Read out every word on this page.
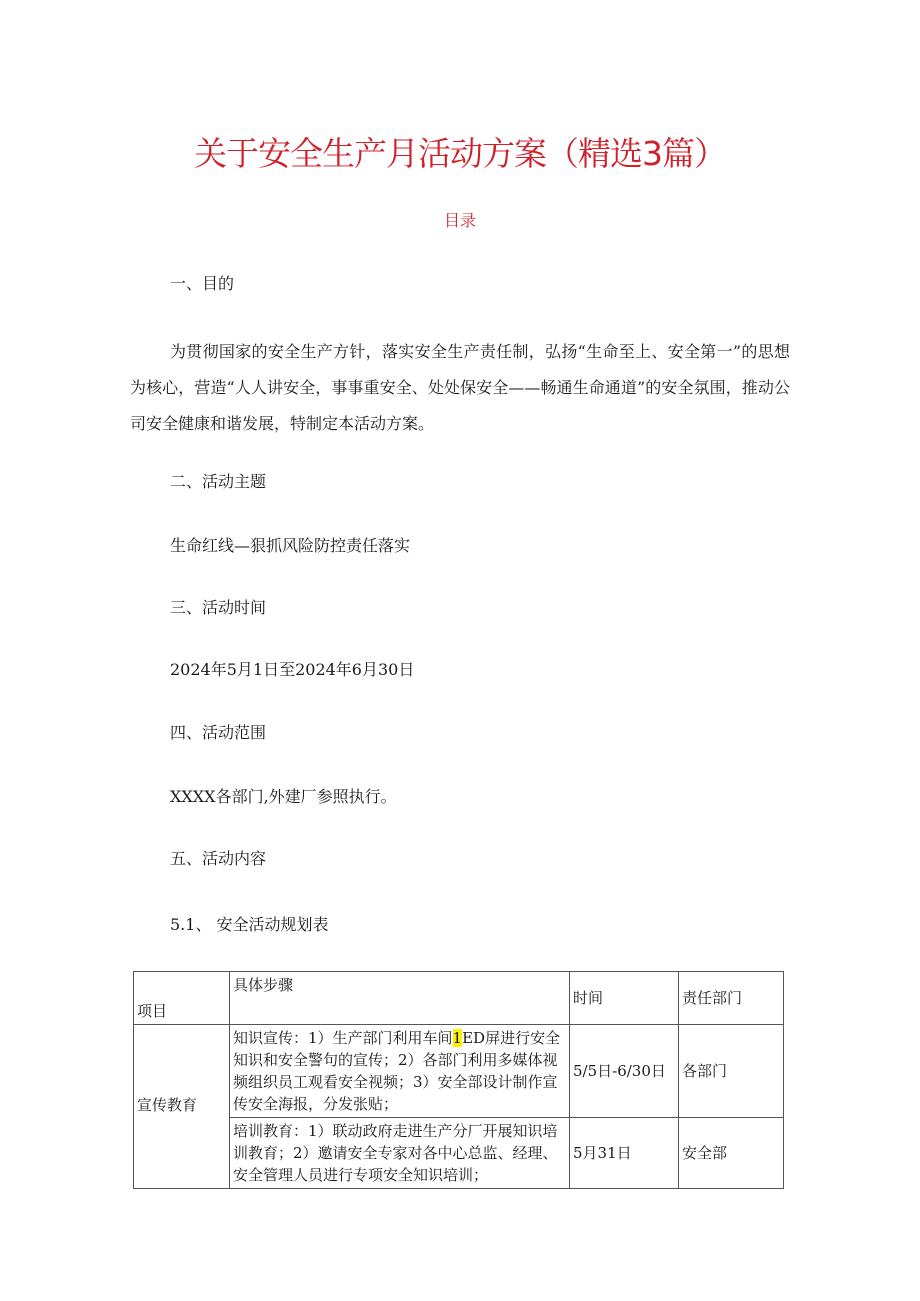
关于安全生产月活动方案（精选3篇）
目录
一、目的
为贯彻国家的安全生产方针，落实安全生产责任制，弘扬“生命至上、安全第一”的思想为核心，营造“人人讲安全，事事重安全、处处保安全——畅通生命通道”的安全氛围，推动公司安全健康和谐发展，特制定本活动方案。
二、活动主题
生命红线—狠抓风险防控责任落实
三、活动时间
2024年5月1日至2024年6月30日
四、活动范围
XXXX各部门,外建厂参照执行。
五、活动内容
5.1、 安全活动规划表
项目	具体步骤	时间	责任部门
宣传教育	知识宣传：1）生产部门利用车间1ED屏进行安全知识和安全警句的宣传；2）各部门利用多媒体视频组织员工观看安全视频；3）安全部设计制作宣传安全海报，分发张贴；	5/5日-6/30日	各部门
	培训教育：1）联动政府走进生产分厂开展知识培训教育；2）邀请安全专家对各中心总监、经理、安全管理人员进行专项安全知识培训；	5月31日	安全部
